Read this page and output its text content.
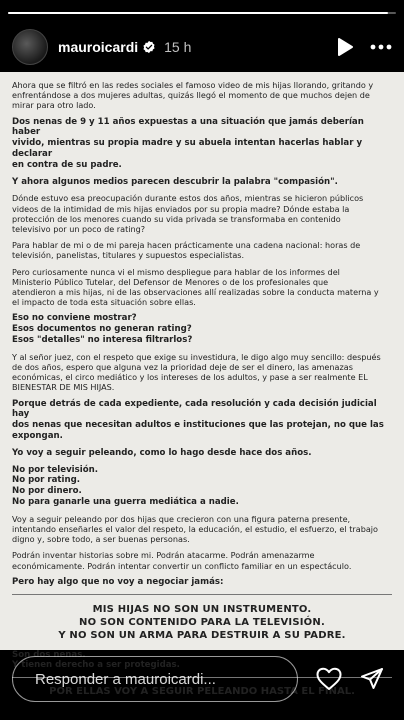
mauroicardi 15 h
Ahora que se filtró en las redes sociales el famoso video de mis hijas llorando, gritando y
enfrentándose a dos mujeres adultas, quizás llegó el momento de que muchos dejen de
mirar para otro lado.
Dos nenas de 9 y 11 años expuestas a una situación que jamás deberían haber
vivido, mientras su propia madre y su abuela intentan hacerlas hablar y declarar
en contra de su padre.
Y ahora algunos medios parecen descubrir la palabra "compasión".
Dónde estuvo esa preocupación durante estos dos años, mientras se hicieron públicos
videos de la intimidad de mis hijas enviados por su propia madre? Dónde estaba la
protección de los menores cuando su vida privada se transformaba en contenido
televisivo por un poco de rating?
Para hablar de mi o de mi pareja hacen prácticamente una cadena nacional: horas de
televisión, panelistas, titulares y supuestos especialistas.
Pero curiosamente nunca vi el mismo despliegue para hablar de los informes del
Ministerio Público Tutelar, del Defensor de Menores o de los profesionales que
atendieron a mis hijas, ni de las observaciones allí realizadas sobre la conducta materna y
el impacto de toda esta situación sobre ellas.
Eso no conviene mostrar?
Esos documentos no generan rating?
Esos "detalles" no interesa filtrarlos?
Y al señor juez, con el respeto que exige su investidura, le digo algo muy sencillo: después
de dos años, espero que alguna vez la prioridad deje de ser el dinero, las amenazas
económicas, el circo mediático y los intereses de los adultos, y pase a ser realmente EL
BIENESTAR DE MIS HIJAS.
Porque detrás de cada expediente, cada resolución y cada decisión judicial hay
dos nenas que necesitan adultos e instituciones que las protejan, no que las
expongan.
Yo voy a seguir peleando, como lo hago desde hace dos años.
No por televisión.
No por rating.
No por dinero.
No para ganarle una guerra mediática a nadie.
Voy a seguir peleando por dos hijas que crecieron con una figura paterna presente,
intentando enseñarles el valor del respeto, la educación, el estudio, el esfuerzo, el trabajo
digno y, sobre todo, a ser buenas personas.
Podrán inventar historias sobre mi. Podrán atacarme. Podrán amenazarme
económicamente. Podrán intentar convertir un conflicto familiar en un espectáculo.
Pero hay algo que no voy a negociar jamás:
MIS HIJAS NO SON UN INSTRUMENTO.
NO SON CONTENIDO PARA LA TELEVISIÓN.
Y NO SON UN ARMA PARA DESTRUIR A SU PADRE.
Son dos nenas.
Y tienen derecho a ser protegidas.
POR ELLAS VOY A SEGUIR PELEANDO HASTA EL FINAL.
Responder a mauroicardi...
